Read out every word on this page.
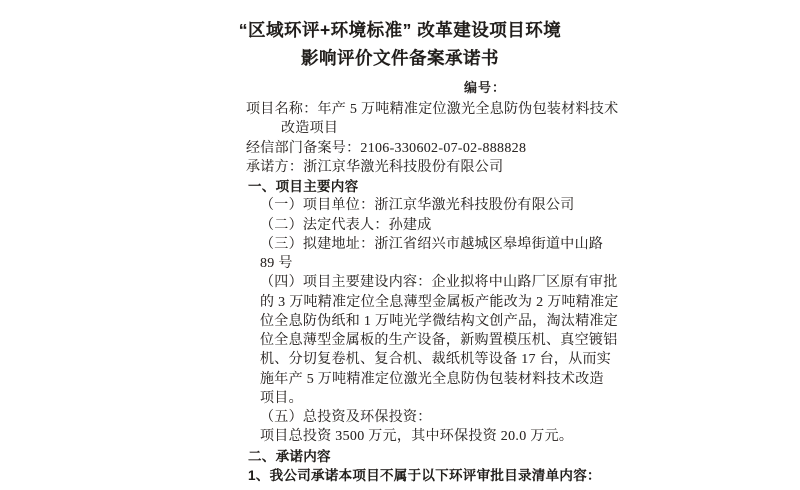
“区域环评+环境标准” 改革建设项目环境
影响评价文件备案承诺书
编号：
项目名称：年产 5 万吨精准定位激光全息防伪包装材料技术
改造项目
经信部门备案号：2106-330602-07-02-888828
承诺方：浙江京华激光科技股份有限公司
一、项目主要内容
（一）项目单位：浙江京华激光科技股份有限公司
（二）法定代表人：孙建成
（三）拟建地址：浙江省绍兴市越城区皋埠街道中山路
89 号
（四）项目主要建设内容：企业拟将中山路厂区原有审批
的 3 万吨精准定位全息薄型金属板产能改为 2 万吨精准定
位全息防伪纸和 1 万吨光学微结构文创产品，淘汰精准定
位全息薄型金属板的生产设备，新购置模压机、真空镀铝
机、分切复卷机、复合机、裁纸机等设备 17 台，从而实
施年产 5 万吨精准定位激光全息防伪包装材料技术改造
项目。
（五）总投资及环保投资：
项目总投资 3500 万元，其中环保投资 20.0 万元。
二、承诺内容
1、我公司承诺本项目不属于以下环评审批目录清单内容：
